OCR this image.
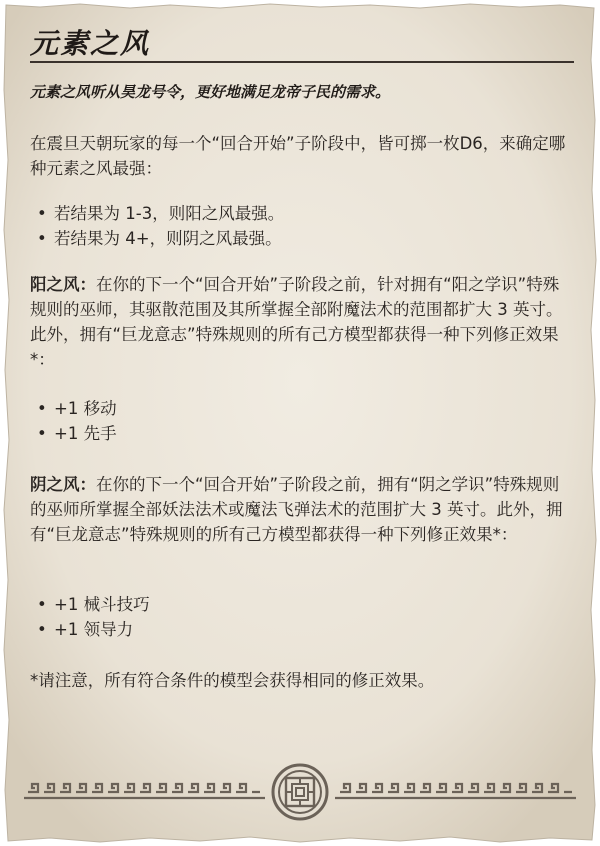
元素之风
元素之风听从昊龙号令，更好地满足龙帝子民的需求。
在震旦天朝玩家的每一个“回合开始”子阶段中，皆可掷一枚D6，来确定哪种元素之风最强：
• 若结果为 1-3，则阳之风最强。
• 若结果为 4+，则阴之风最强。
阳之风：在你的下一个“回合开始”子阶段之前，针对拥有“阳之学识”特殊规则的巫师，其驱散范围及其所掌握全部附魔法术的范围都扩大 3 英寸。此外，拥有“巨龙意志”特殊规则的所有己方模型都获得一种下列修正效果*：
• +1 移动
• +1 先手
阴之风：在你的下一个“回合开始”子阶段之前，拥有“阴之学识”特殊规则的巫师所掌握全部妖法法术或魔法飞弹法术的范围扩大 3 英寸。此外，拥有“巨龙意志”特殊规则的所有己方模型都获得一种下列修正效果*：
• +1 械斗技巧
• +1 领导力
*请注意，所有符合条件的模型会获得相同的修正效果。
